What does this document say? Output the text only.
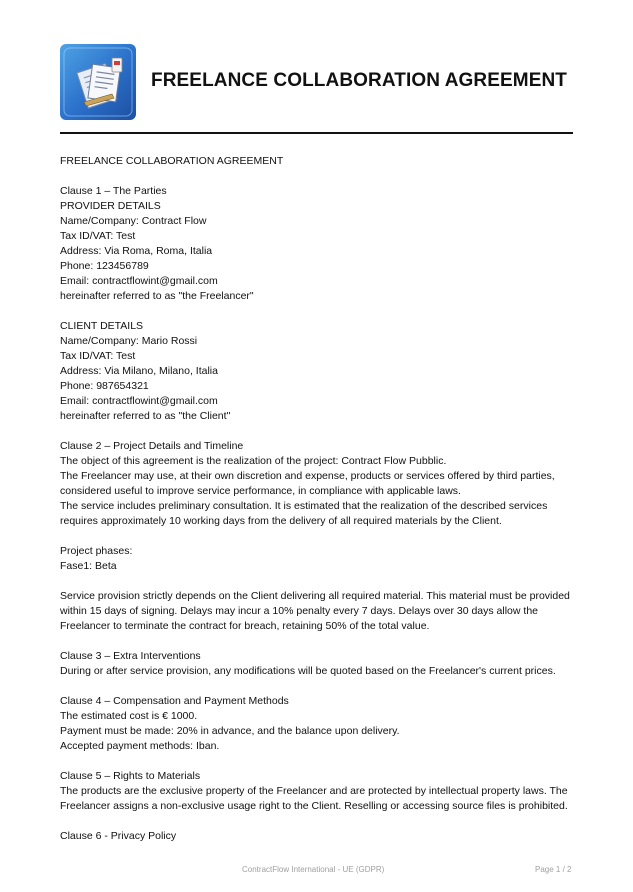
FREELANCE COLLABORATION AGREEMENT
FREELANCE COLLABORATION AGREEMENT
Clause 1 – The Parties
PROVIDER DETAILS
Name/Company: Contract Flow
Tax ID/VAT: Test
Address: Via Roma, Roma, Italia
Phone: 123456789
Email: contractflowint@gmail.com
hereinafter referred to as "the Freelancer"
CLIENT DETAILS
Name/Company: Mario Rossi
Tax ID/VAT: Test
Address: Via Milano, Milano, Italia
Phone: 987654321
Email: contractflowint@gmail.com
hereinafter referred to as "the Client"
Clause 2 – Project Details and Timeline
The object of this agreement is the realization of the project: Contract Flow Pubblic.
The Freelancer may use, at their own discretion and expense, products or services offered by third parties, considered useful to improve service performance, in compliance with applicable laws.
The service includes preliminary consultation. It is estimated that the realization of the described services requires approximately 10 working days from the delivery of all required materials by the Client.
Project phases:
Fase1: Beta
Service provision strictly depends on the Client delivering all required material. This material must be provided within 15 days of signing. Delays may incur a 10% penalty every 7 days. Delays over 30 days allow the Freelancer to terminate the contract for breach, retaining 50% of the total value.
Clause 3 – Extra Interventions
During or after service provision, any modifications will be quoted based on the Freelancer's current prices.
Clause 4 – Compensation and Payment Methods
The estimated cost is € 1000.
Payment must be made: 20% in advance, and the balance upon delivery.
Accepted payment methods: Iban.
Clause 5 – Rights to Materials
The products are the exclusive property of the Freelancer and are protected by intellectual property laws. The Freelancer assigns a non-exclusive usage right to the Client. Reselling or accessing source files is prohibited.
Clause 6 - Privacy Policy
ContractFlow International - UE (GDPR)	Page 1 / 2
